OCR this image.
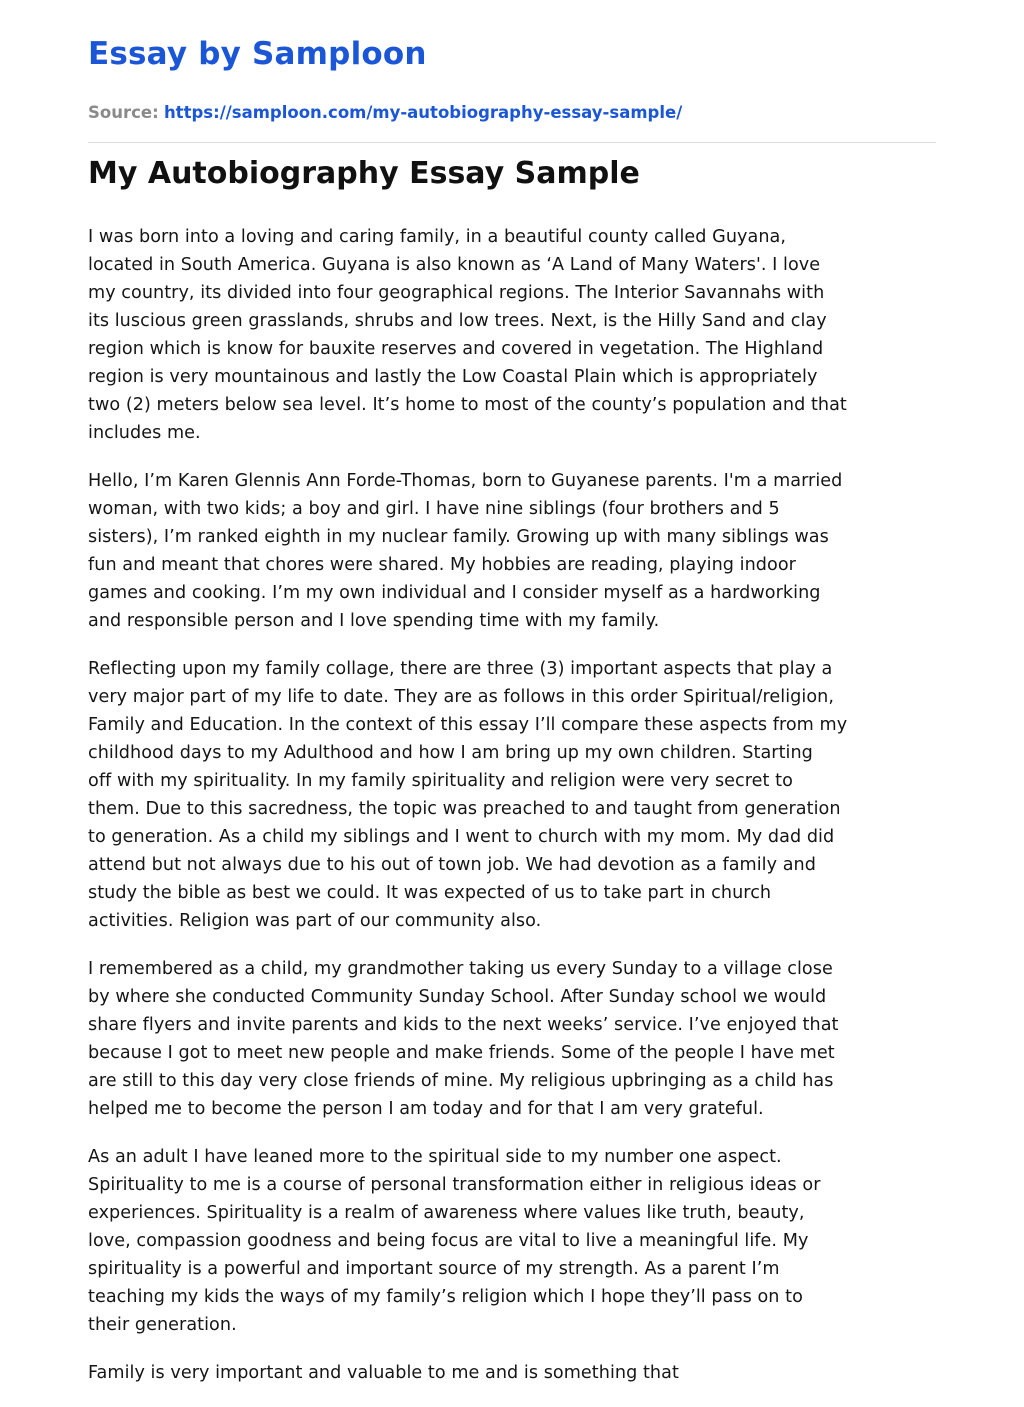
Essay by Samploon
Source: https://samploon.com/my-autobiography-essay-sample/
My Autobiography Essay Sample

I was born into a loving and caring family, in a beautiful county called Guyana,
located in South America. Guyana is also known as ‘A Land of Many Waters'. I love
my country, its divided into four geographical regions. The Interior Savannahs with
its luscious green grasslands, shrubs and low trees. Next, is the Hilly Sand and clay
region which is know for bauxite reserves and covered in vegetation. The Highland
region is very mountainous and lastly the Low Coastal Plain which is appropriately
two (2) meters below sea level. It’s home to most of the county’s population and that
includes me.

Hello, I’m Karen Glennis Ann Forde-Thomas, born to Guyanese parents. I'm a married
woman, with two kids; a boy and girl. I have nine siblings (four brothers and 5
sisters), I’m ranked eighth in my nuclear family. Growing up with many siblings was
fun and meant that chores were shared. My hobbies are reading, playing indoor
games and cooking. I’m my own individual and I consider myself as a hardworking
and responsible person and I love spending time with my family.

Reflecting upon my family collage, there are three (3) important aspects that play a
very major part of my life to date. They are as follows in this order Spiritual/religion,
Family and Education. In the context of this essay I’ll compare these aspects from my
childhood days to my Adulthood and how I am bring up my own children. Starting
off with my spirituality. In my family spirituality and religion were very secret to
them. Due to this sacredness, the topic was preached to and taught from generation
to generation. As a child my siblings and I went to church with my mom. My dad did
attend but not always due to his out of town job. We had devotion as a family and
study the bible as best we could. It was expected of us to take part in church
activities. Religion was part of our community also.

I remembered as a child, my grandmother taking us every Sunday to a village close
by where she conducted Community Sunday School. After Sunday school we would
share flyers and invite parents and kids to the next weeks’ service. I’ve enjoyed that
because I got to meet new people and make friends. Some of the people I have met
are still to this day very close friends of mine. My religious upbringing as a child has
helped me to become the person I am today and for that I am very grateful.

As an adult I have leaned more to the spiritual side to my number one aspect.
Spirituality to me is a course of personal transformation either in religious ideas or
experiences. Spirituality is a realm of awareness where values like truth, beauty,
love, compassion goodness and being focus are vital to live a meaningful life. My
spirituality is a powerful and important source of my strength. As a parent I’m
teaching my kids the ways of my family’s religion which I hope they’ll pass on to
their generation.

Family is very important and valuable to me and is something that
